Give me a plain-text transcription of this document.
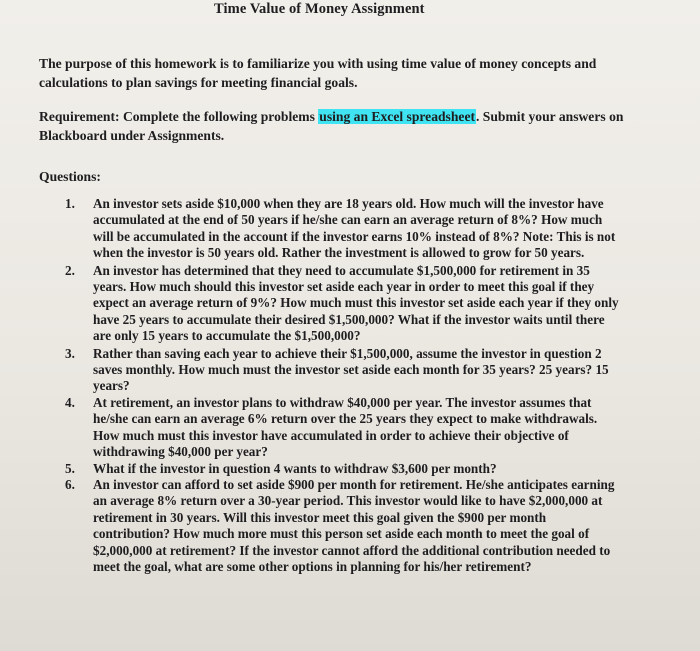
Time Value of Money Assignment
The purpose of this homework is to familiarize you with using time value of money concepts and calculations to plan savings for meeting financial goals.
Requirement: Complete the following problems using an Excel spreadsheet. Submit your answers on Blackboard under Assignments.
Questions:
1.	An investor sets aside $10,000 when they are 18 years old. How much will the investor have accumulated at the end of 50 years if he/she can earn an average return of 8%? How much will be accumulated in the account if the investor earns 10% instead of 8%? Note: This is not when the investor is 50 years old. Rather the investment is allowed to grow for 50 years.
2.	An investor has determined that they need to accumulate $1,500,000 for retirement in 35 years. How much should this investor set aside each year in order to meet this goal if they expect an average return of 9%? How much must this investor set aside each year if they only have 25 years to accumulate their desired $1,500,000? What if the investor waits until there are only 15 years to accumulate the $1,500,000?
3.	Rather than saving each year to achieve their $1,500,000, assume the investor in question 2 saves monthly. How much must the investor set aside each month for 35 years? 25 years? 15 years?
4.	At retirement, an investor plans to withdraw $40,000 per year. The investor assumes that he/she can earn an average 6% return over the 25 years they expect to make withdrawals. How much must this investor have accumulated in order to achieve their objective of withdrawing $40,000 per year?
5.	What if the investor in question 4 wants to withdraw $3,600 per month?
6.	An investor can afford to set aside $900 per month for retirement. He/she anticipates earning an average 8% return over a 30-year period. This investor would like to have $2,000,000 at retirement in 30 years. Will this investor meet this goal given the $900 per month contribution? How much more must this person set aside each month to meet the goal of $2,000,000 at retirement? If the investor cannot afford the additional contribution needed to meet the goal, what are some other options in planning for his/her retirement?
